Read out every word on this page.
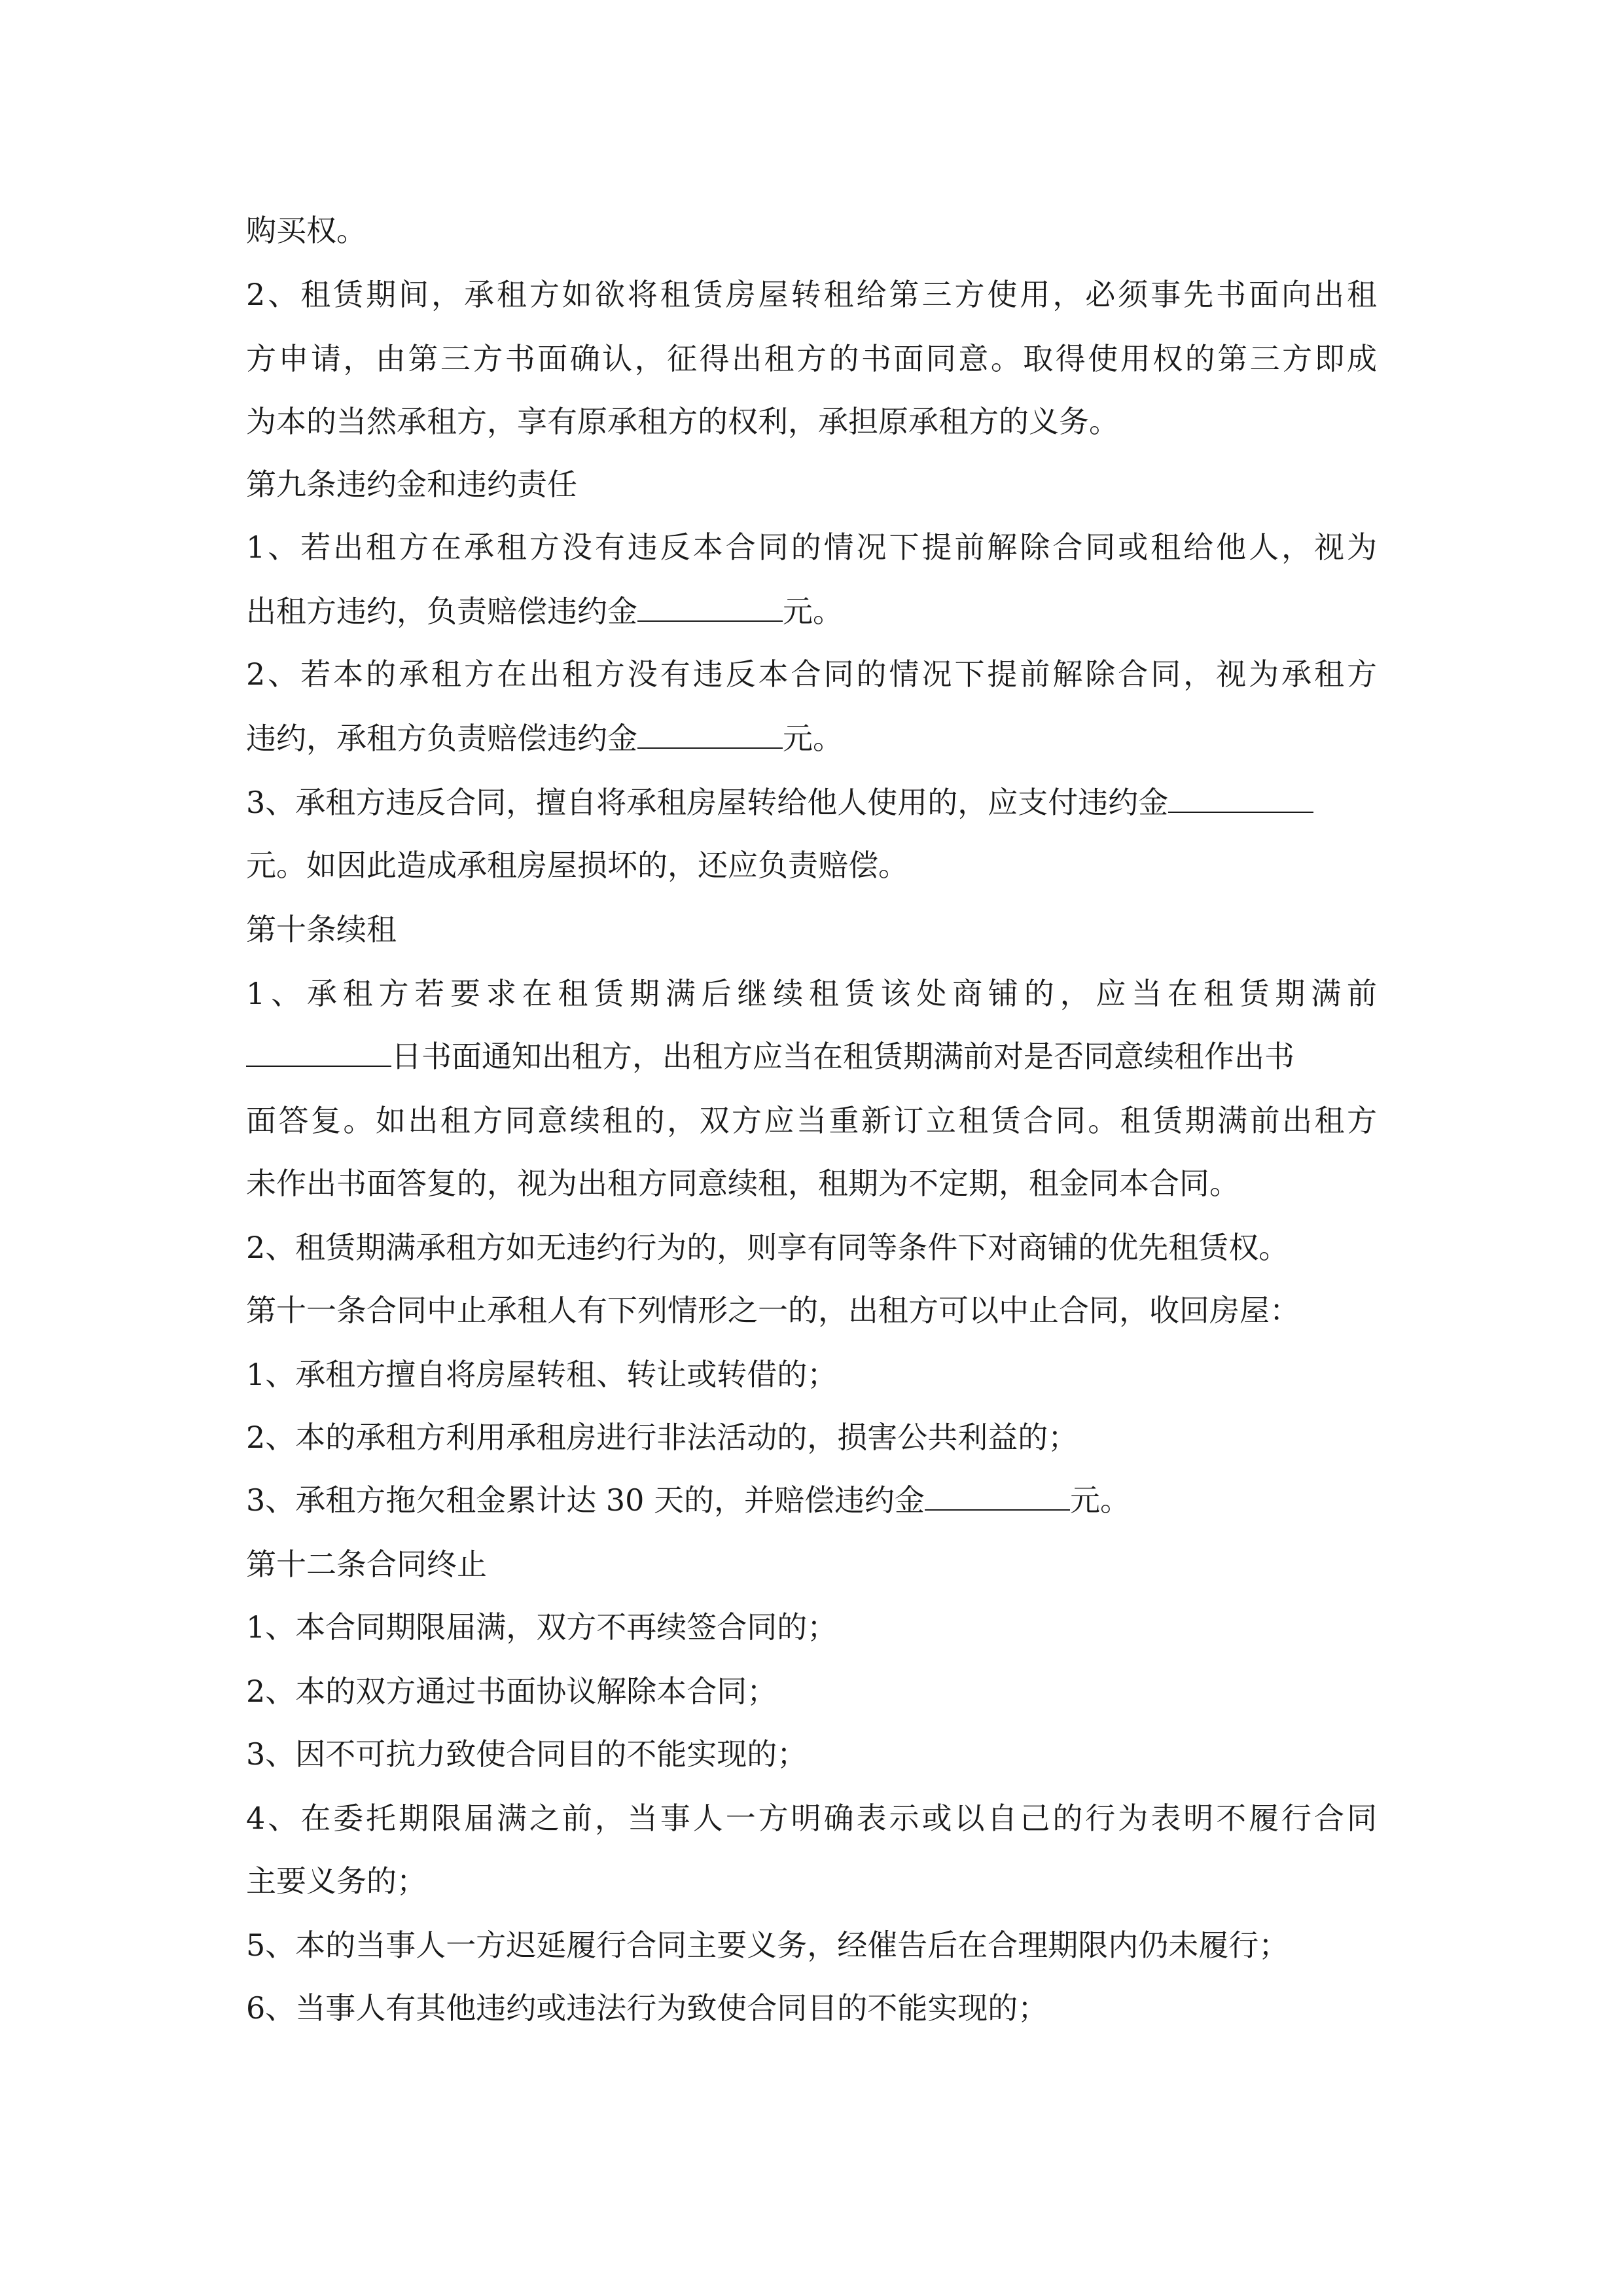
购买权。
2、租赁期间，承租方如欲将租赁房屋转租给第三方使用，必须事先书面向出租
方申请，由第三方书面确认，征得出租方的书面同意。取得使用权的第三方即成
为本的当然承租方，享有原承租方的权利，承担原承租方的义务。
第九条违约金和违约责任
1、若出租方在承租方没有违反本合同的情况下提前解除合同或租给他人，视为
出租方违约，负责赔偿违约金	元。
2、若本的承租方在出租方没有违反本合同的情况下提前解除合同，视为承租方
违约，承租方负责赔偿违约金	元。
3、承租方违反合同，擅自将承租房屋转给他人使用的，应支付违约金
元。如因此造成承租房屋损坏的，还应负责赔偿。
第十条续租
1、承租方若要求在租赁期满后继续租赁该处商铺的，应当在租赁期满前
日书面通知出租方，出租方应当在租赁期满前对是否同意续租作出书
面答复。如出租方同意续租的，双方应当重新订立租赁合同。租赁期满前出租方
未作出书面答复的，视为出租方同意续租，租期为不定期，租金同本合同。
2、租赁期满承租方如无违约行为的，则享有同等条件下对商铺的优先租赁权。
第十一条合同中止承租人有下列情形之一的，出租方可以中止合同，收回房屋：
1、承租方擅自将房屋转租、转让或转借的；
2、本的承租方利用承租房进行非法活动的，损害公共利益的；
3、承租方拖欠租金累计达 30 天的，并赔偿违约金	元。
第十二条合同终止
1、本合同期限届满，双方不再续签合同的；
2、本的双方通过书面协议解除本合同；
3、因不可抗力致使合同目的不能实现的；
4、在委托期限届满之前，当事人一方明确表示或以自己的行为表明不履行合同
主要义务的；
5、本的当事人一方迟延履行合同主要义务，经催告后在合理期限内仍未履行；
6、当事人有其他违约或违法行为致使合同目的不能实现的；
